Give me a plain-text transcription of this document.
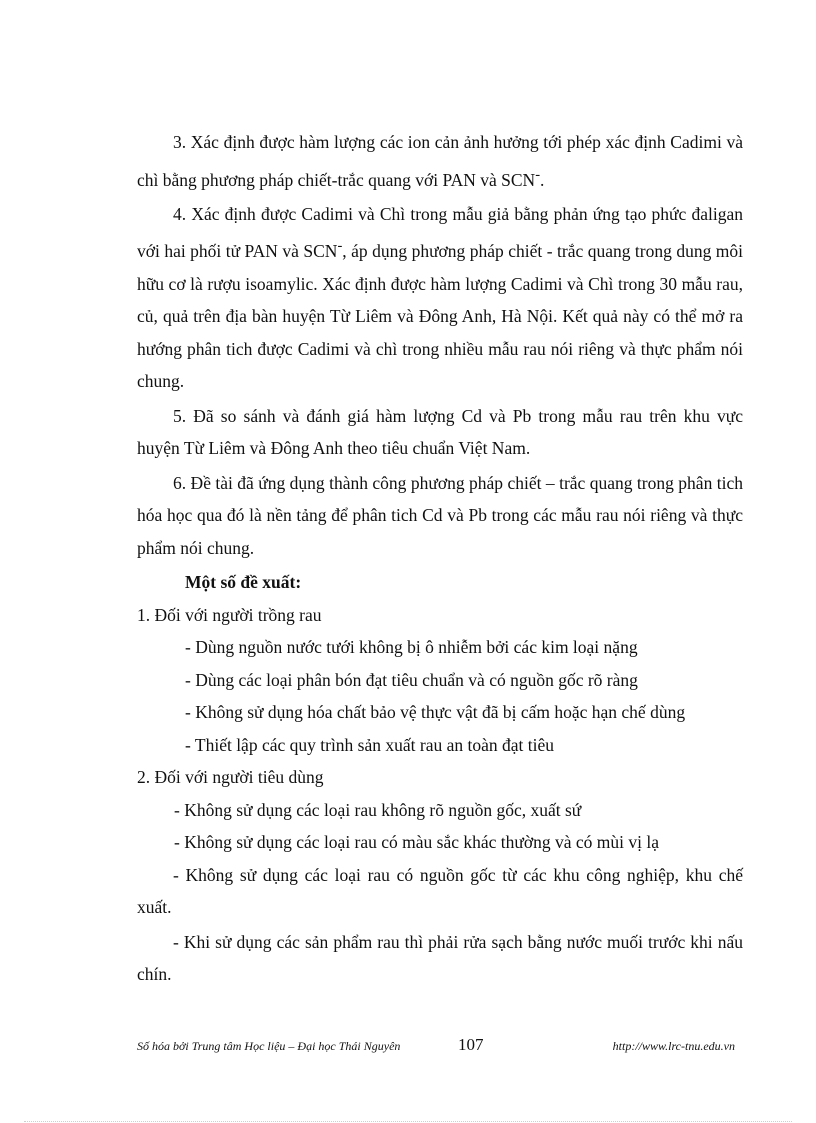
3. Xác định được hàm lượng các ion cản ảnh hưởng tới phép xác định Cadimi và chì bằng phương pháp chiết-trắc quang với PAN và SCN-.

4. Xác định được Cadimi và Chì trong mẫu giả bằng phản ứng tạo phức đaligan với hai phối tử PAN và SCN-, áp dụng phương pháp chiết - trắc quang trong dung môi hữu cơ là rượu isoamylic. Xác định được hàm lượng Cadimi và Chì trong 30 mẫu rau, củ, quả trên địa bàn huyện Từ Liêm và Đông Anh, Hà Nội. Kết quả này có thể mở ra hướng phân tich được Cadimi và chì trong nhiều mẫu rau nói riêng và thực phẩm nói chung.

5. Đã so sánh và đánh giá hàm lượng Cd và Pb trong mẫu rau trên khu vực huyện Từ Liêm và Đông Anh theo tiêu chuẩn Việt Nam.

6. Đề tài đã ứng dụng thành công phương pháp chiết – trắc quang trong phân tich hóa học qua đó là nền tảng để phân tich Cd và Pb trong các mẫu rau nói riêng và thực phẩm nói chung.

Một số đề xuất:

1. Đối với người trồng rau

- Dùng nguồn nước tưới không bị ô nhiễm bởi các kim loại nặng

- Dùng các loại phân bón đạt tiêu chuẩn và có nguồn gốc rõ ràng

- Không sử dụng hóa chất bảo vệ thực vật đã bị cấm hoặc hạn chế dùng

- Thiết lập các quy trình sản xuất rau an toàn đạt tiêu

2. Đối với người tiêu dùng

- Không sử dụng các loại rau không rõ nguồn gốc, xuất sứ

- Không sử dụng các loại rau có màu sắc khác thường và có mùi vị lạ

- Không sử dụng các loại rau có nguồn gốc từ các khu công nghiệp, khu chế xuất.

- Khi sử dụng các sản phẩm rau thì phải rửa sạch bằng nước muối trước khi nấu chín.

Số hóa bởi Trung tâm Học liệu – Đại học Thái Nguyên	107	http://www.lrc-tnu.edu.vn
